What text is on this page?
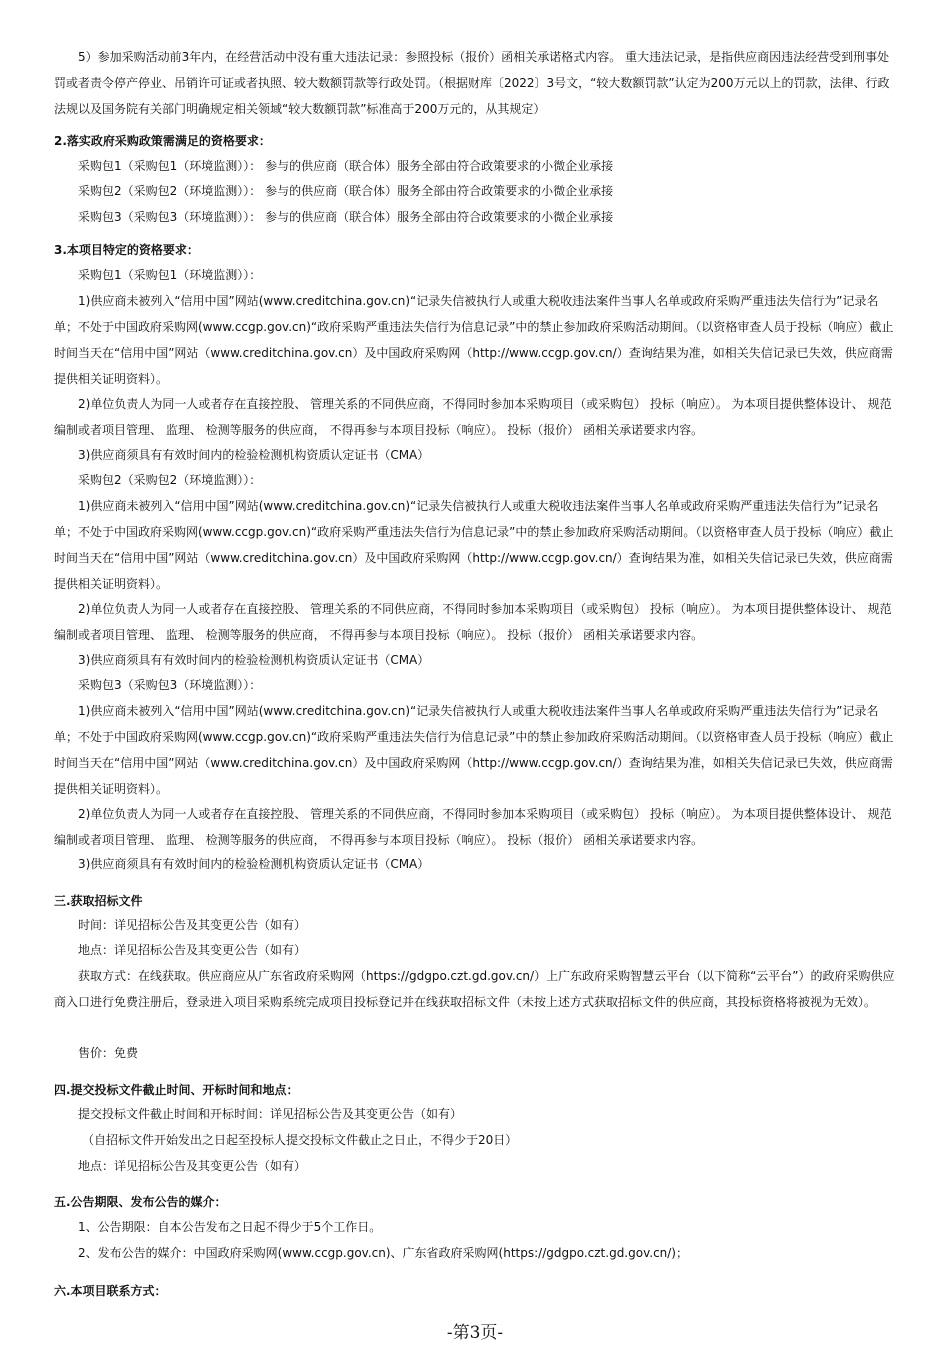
5）参加采购活动前3年内，在经营活动中没有重大违法记录：参照投标（报价）函相关承诺格式内容。 重大违法记录，是指供应商因违法经营受到刑事处罚或者责令停产停业、吊销许可证或者执照、较大数额罚款等行政处罚。（根据财库〔2022〕3号文，“较大数额罚款”认定为200万元以上的罚款，法律、行政法规以及国务院有关部门明确规定相关领域“较大数额罚款”标准高于200万元的，从其规定）

2.落实政府采购政策需满足的资格要求：

采购包1（采购包1（环境监测））： 参与的供应商（联合体）服务全部由符合政策要求的小微企业承接

采购包2（采购包2（环境监测））： 参与的供应商（联合体）服务全部由符合政策要求的小微企业承接

采购包3（采购包3（环境监测））： 参与的供应商（联合体）服务全部由符合政策要求的小微企业承接

3.本项目特定的资格要求：

采购包1（采购包1（环境监测））：

1)供应商未被列入“信用中国”网站(www.creditchina.gov.cn)“记录失信被执行人或重大税收违法案件当事人名单或政府采购严重违法失信行为”记录名单；不处于中国政府采购网(www.ccgp.gov.cn)“政府采购严重违法失信行为信息记录”中的禁止参加政府采购活动期间。（以资格审查人员于投标（响应）截止时间当天在“信用中国”网站（www.creditchina.gov.cn）及中国政府采购网（http://www.ccgp.gov.cn/）查询结果为准，如相关失信记录已失效，供应商需提供相关证明资料）。

2)单位负责人为同一人或者存在直接控股、 管理关系的不同供应商，不得同时参加本采购项目（或采购包） 投标（响应）。 为本项目提供整体设计、 规范编制或者项目管理、 监理、 检测等服务的供应商， 不得再参与本项目投标（响应）。 投标（报价） 函相关承诺要求内容。

3)供应商须具有有效时间内的检验检测机构资质认定证书（CMA）

采购包2（采购包2（环境监测））：

1)供应商未被列入“信用中国”网站(www.creditchina.gov.cn)“记录失信被执行人或重大税收违法案件当事人名单或政府采购严重违法失信行为”记录名单；不处于中国政府采购网(www.ccgp.gov.cn)“政府采购严重违法失信行为信息记录”中的禁止参加政府采购活动期间。（以资格审查人员于投标（响应）截止时间当天在“信用中国”网站（www.creditchina.gov.cn）及中国政府采购网（http://www.ccgp.gov.cn/）查询结果为准，如相关失信记录已失效，供应商需提供相关证明资料）。

2)单位负责人为同一人或者存在直接控股、 管理关系的不同供应商，不得同时参加本采购项目（或采购包） 投标（响应）。 为本项目提供整体设计、 规范编制或者项目管理、 监理、 检测等服务的供应商， 不得再参与本项目投标（响应）。 投标（报价） 函相关承诺要求内容。

3)供应商须具有有效时间内的检验检测机构资质认定证书（CMA）

采购包3（采购包3（环境监测））：

1)供应商未被列入“信用中国”网站(www.creditchina.gov.cn)“记录失信被执行人或重大税收违法案件当事人名单或政府采购严重违法失信行为”记录名单；不处于中国政府采购网(www.ccgp.gov.cn)“政府采购严重违法失信行为信息记录”中的禁止参加政府采购活动期间。（以资格审查人员于投标（响应）截止时间当天在“信用中国”网站（www.creditchina.gov.cn）及中国政府采购网（http://www.ccgp.gov.cn/）查询结果为准，如相关失信记录已失效，供应商需提供相关证明资料）。

2)单位负责人为同一人或者存在直接控股、 管理关系的不同供应商，不得同时参加本采购项目（或采购包） 投标（响应）。 为本项目提供整体设计、 规范编制或者项目管理、 监理、 检测等服务的供应商， 不得再参与本项目投标（响应）。 投标（报价） 函相关承诺要求内容。

3)供应商须具有有效时间内的检验检测机构资质认定证书（CMA）

三.获取招标文件

时间：详见招标公告及其变更公告（如有）

地点：详见招标公告及其变更公告（如有）

获取方式：在线获取。供应商应从广东省政府采购网（https://gdgpo.czt.gd.gov.cn/）上广东政府采购智慧云平台（以下简称“云平台”）的政府采购供应商入口进行免费注册后，登录进入项目采购系统完成项目投标登记并在线获取招标文件（未按上述方式获取招标文件的供应商，其投标资格将被视为无效）。

售价：免费

四.提交投标文件截止时间、开标时间和地点：

提交投标文件截止时间和开标时间：详见招标公告及其变更公告（如有）

（自招标文件开始发出之日起至投标人提交投标文件截止之日止，不得少于20日）

地点：详见招标公告及其变更公告（如有）

五.公告期限、发布公告的媒介：

1、公告期限：自本公告发布之日起不得少于5个工作日。

2、发布公告的媒介：中国政府采购网(www.ccgp.gov.cn)、广东省政府采购网(https://gdgpo.czt.gd.gov.cn/)；

六.本项目联系方式：

-第3页-
